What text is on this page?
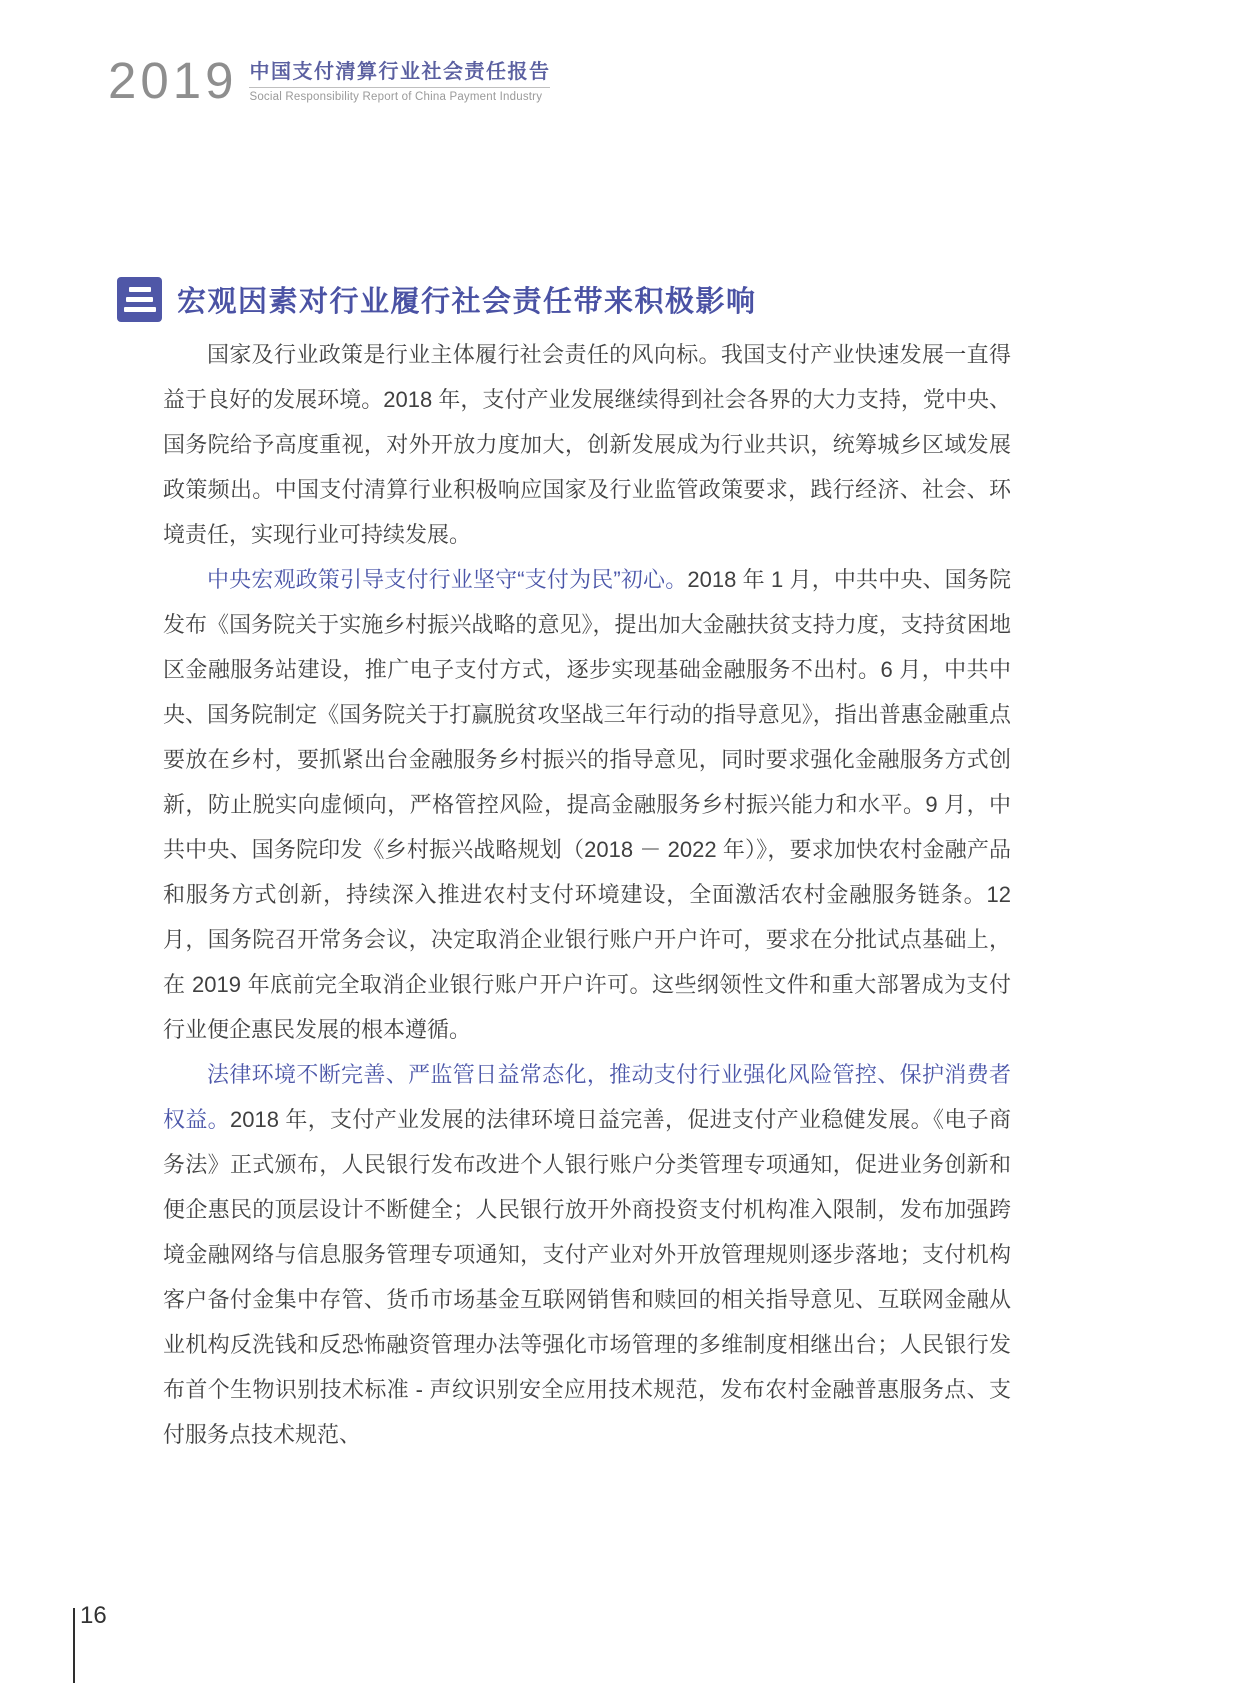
2019 中国支付清算行业社会责任报告
Social Responsibility Report of China Payment Industry
宏观因素对行业履行社会责任带来积极影响

国家及行业政策是行业主体履行社会责任的风向标。我国支付产业快速发展一直得益于良好的发展环境。2018 年，支付产业发展继续得到社会各界的大力支持，党中央、国务院给予高度重视，对外开放力度加大，创新发展成为行业共识，统筹城乡区域发展政策频出。中国支付清算行业积极响应国家及行业监管政策要求，践行经济、社会、环境责任，实现行业可持续发展。

中央宏观政策引导支付行业坚守“支付为民”初心。2018 年 1 月，中共中央、国务院发布《国务院关于实施乡村振兴战略的意见》，提出加大金融扶贫支持力度，支持贫困地区金融服务站建设，推广电子支付方式，逐步实现基础金融服务不出村。6 月，中共中央、国务院制定《国务院关于打赢脱贫攻坚战三年行动的指导意见》，指出普惠金融重点要放在乡村，要抓紧出台金融服务乡村振兴的指导意见，同时要求强化金融服务方式创新，防止脱实向虚倾向，严格管控风险，提高金融服务乡村振兴能力和水平。9 月，中共中央、国务院印发《乡村振兴战略规划（2018 － 2022 年）》，要求加快农村金融产品和服务方式创新，持续深入推进农村支付环境建设，全面激活农村金融服务链条。12 月，国务院召开常务会议，决定取消企业银行账户开户许可，要求在分批试点基础上，在 2019 年底前完全取消企业银行账户开户许可。这些纲领性文件和重大部署成为支付行业便企惠民发展的根本遵循。

法律环境不断完善、严监管日益常态化，推动支付行业强化风险管控、保护消费者权益。2018 年，支付产业发展的法律环境日益完善，促进支付产业稳健发展。《电子商务法》正式颁布，人民银行发布改进个人银行账户分类管理专项通知，促进业务创新和便企惠民的顶层设计不断健全；人民银行放开外商投资支付机构准入限制，发布加强跨境金融网络与信息服务管理专项通知，支付产业对外开放管理规则逐步落地；支付机构客户备付金集中存管、货币市场基金互联网销售和赎回的相关指导意见、互联网金融从业机构反洗钱和反恐怖融资管理办法等强化市场管理的多维制度相继出台；人民银行发布首个生物识别技术标准 - 声纹识别安全应用技术规范，发布农村金融普惠服务点、支付服务点技术规范、

16
